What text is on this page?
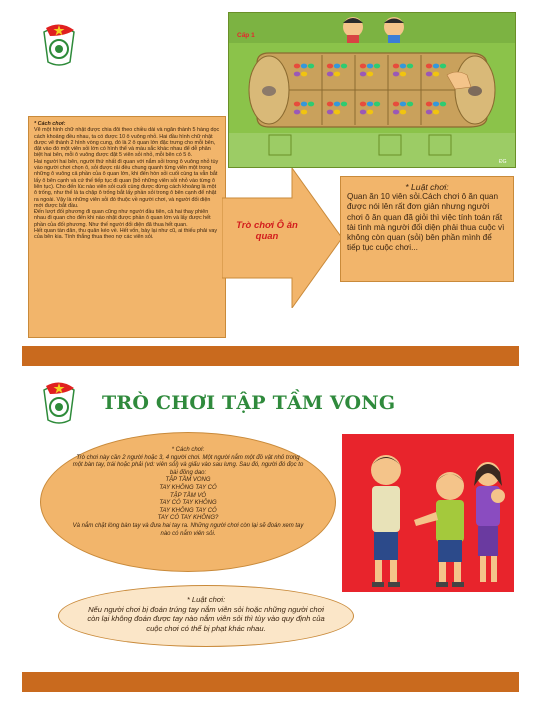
Cấp 1
ĐG
* Cách chơi:
Vẽ một hình chữ nhật được chia đôi theo chiều dài và ngăn thành 5 hàng dọc cách khoảng đều nhau, ta có được 10 ô vuông nhỏ. Hai đầu hình chữ nhật được vẽ thành 2 hình vòng cung, đó là 2 ô quan lớn đặc trưng cho mỗi bên, đặt vào đó một viên sỏi lớn có hình thể và màu sắc khác nhau để dễ phân biệt hai bên, mỗi ô vuông được đặt 5 viên sỏi nhỏ, mỗi bên có 5 ô.
Hai người hai bên, người thứ nhất đi quan với nắm sỏi trong ô vuông nhỏ tùy vào người chơi chọn ô, sỏi được rải đều chung quanh từng viên một trong những ô vuông cả phần của ô quan lớn, khi đến hòn sỏi cuối cùng ta vẫn bắt lấy ô bên cạnh và cứ thế tiếp tục đi quan (bỏ những viên sỏi nhỏ vào từng ô liên tục). Cho đến lúc nào viên sỏi cuối cùng được dừng cách khoảng là một ô trống, như thế là ta chập ô trống bắt lấy phần sỏi trong ô bên cạnh để nhặt ra ngoài. Vậy là những viên sỏi đó thuộc về người chơi, và người đối diện mới được bắt đầu.
Đến lượt đối phương đi quan cũng như người đầu tiên, cả hai thay phiên nhau đi quan cho đến khi nào nhặt được phần ô quan lớn và lấy được hết phần của đối phương. Như thế người đối diện đã thua hết quan.
Hết quan tàn dân, thu quân kéo về. Hết vốn, bày lại như cũ, ai thiếu phải vay của bên kia. Tính thắng thua theo nợ các viên sỏi.
Trò chơi Ô ăn quan
* Luật chơi:
Quan ăn 10 viên sỏi.Cách chơi ô ăn quan được nói lên rất đơn giản nhưng người chơi ô ăn quan đã giỏi thì việc tính toán rất tài tình mà người đối diện phải thua cuộc vì không còn quan (sỏi) bên phần mình để tiếp tục cuộc chơi...
TRÒ CHƠI TẬP TẦM VONG
* Cách chơi:
Trò chơi này cần 2 người hoặc 3, 4 người chơi. Một người nắm một đồ vật nhỏ trong một bàn tay, trái hoặc phải (vd: viên sỏi) và giấu vào sau lưng. Sau đó, người đó đọc to bài đồng dao:
TẬP TẦM VONG
TAY KHÔNG TAY CÓ
TẬP TẦM VÓ
TAY CÓ TAY KHÔNG
TAY KHÔNG TAY CÓ
TAY CÓ TAY KHÔNG?
Và nắm chặt lòng bàn tay và đưa hai tay ra. Những người chơi còn lại sẽ đoán xem tay nào có nắm viên sỏi.
* Luật chơi:
Nếu người chơi bị đoán trúng tay nắm viên sỏi hoặc những người chơi còn lại không đoán được tay nào nắm viên sỏi thì tùy vào quy định của cuộc chơi có thể bị phạt khác nhau.
